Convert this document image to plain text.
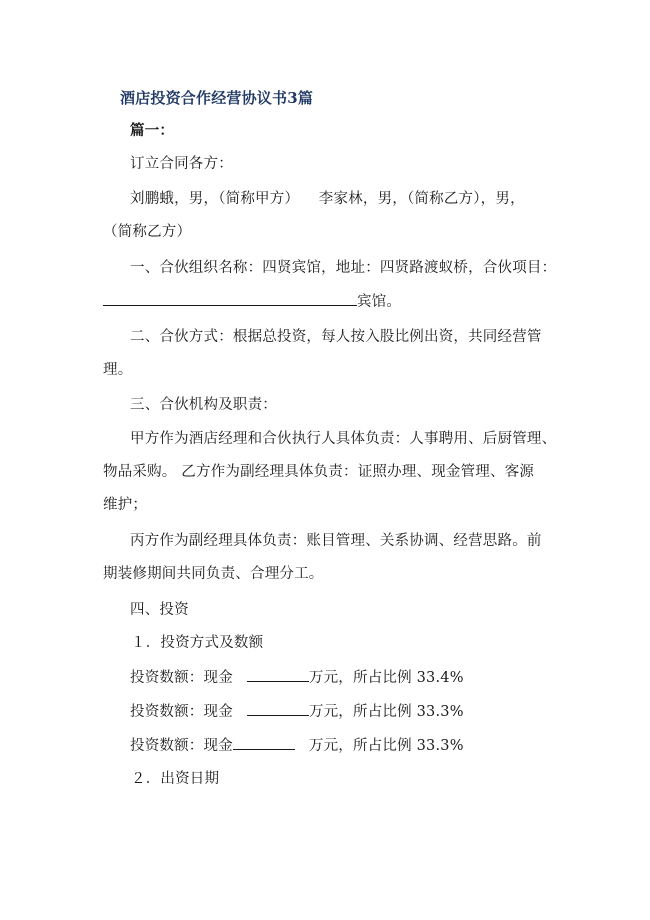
酒店投资合作经营协议书3篇
篇一：
订立合同各方：
刘鹏蛾，男，（简称甲方） 李家林，男，（简称乙方），男，
（简称乙方）
一、合伙组织名称：四贤宾馆，地址：四贤路渡蚁桥，合伙项目：
宾馆。
二、合伙方式：根据总投资，每人按入股比例出资，共同经营管
理。
三、合伙机构及职责：
甲方作为酒店经理和合伙执行人具体负责：人事聘用、后厨管理、
物品采购。 乙方作为副经理具体负责：证照办理、现金管理、客源
维护；
丙方作为副经理具体负责：账目管理、关系协调、经营思路。前
期装修期间共同负责、合理分工。
四、投资
１．投资方式及数额
投资数额：现金	万元，所占比例 33.4%
投资数额：现金	万元，所占比例 33.3%
投资数额：现金	万元，所占比例 33.3%
２．出资日期
